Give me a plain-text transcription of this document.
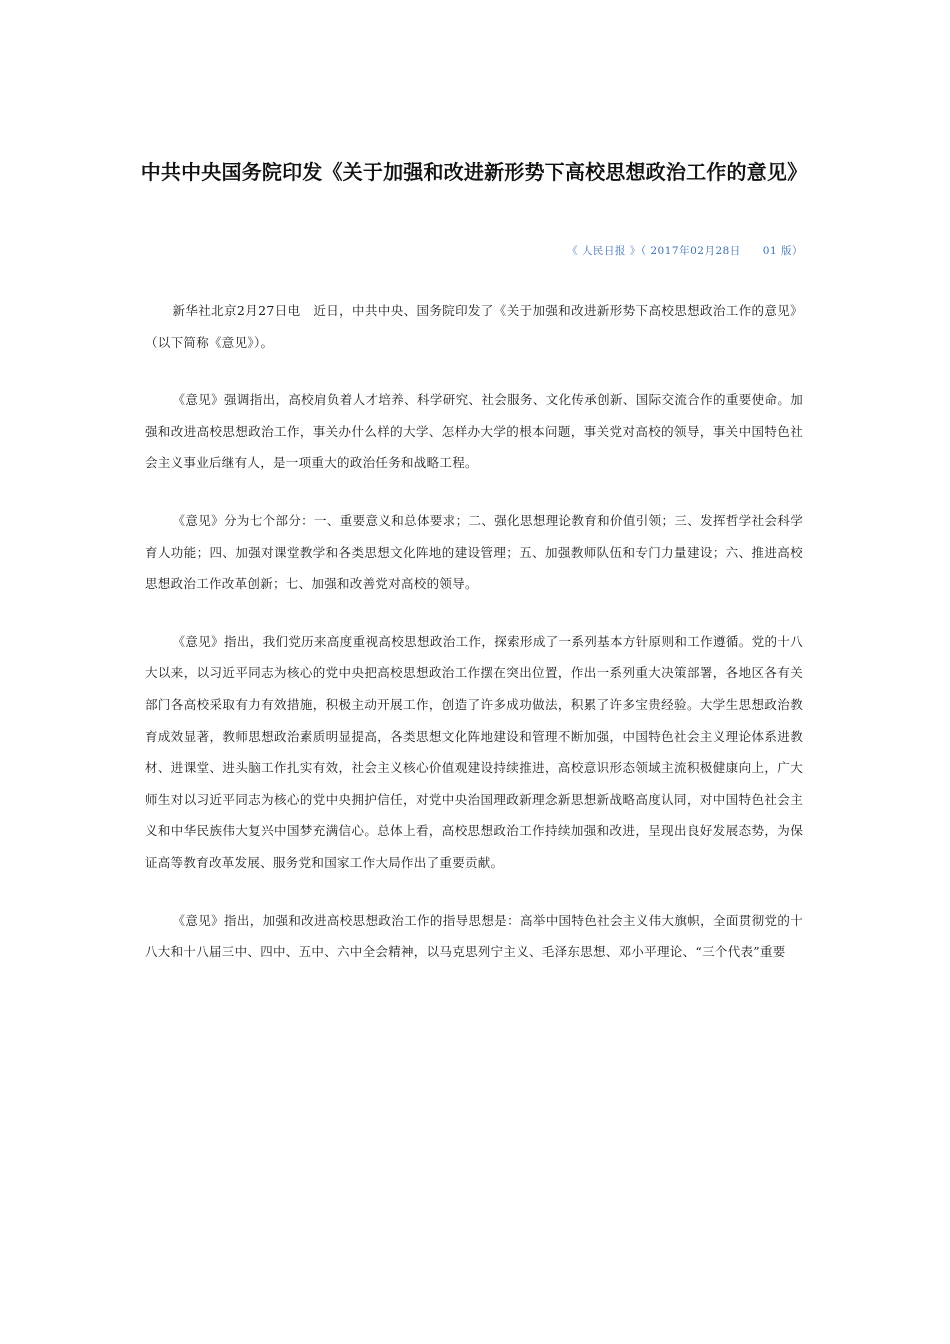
中共中央国务院印发《关于加强和改进新形势下高校思想政治工作的意见》
《 人民日报 》（ 2017年02月28日　　01 版）

新华社北京2月27日电　近日，中共中央、国务院印发了《关于加强和改进新形势下高校思想政治工作的意见》（以下简称《意见》）。

《意见》强调指出，高校肩负着人才培养、科学研究、社会服务、文化传承创新、国际交流合作的重要使命。加强和改进高校思想政治工作，事关办什么样的大学、怎样办大学的根本问题，事关党对高校的领导，事关中国特色社会主义事业后继有人，是一项重大的政治任务和战略工程。

《意见》分为七个部分：一、重要意义和总体要求；二、强化思想理论教育和价值引领；三、发挥哲学社会科学育人功能；四、加强对课堂教学和各类思想文化阵地的建设管理；五、加强教师队伍和专门力量建设；六、推进高校思想政治工作改革创新；七、加强和改善党对高校的领导。

《意见》指出，我们党历来高度重视高校思想政治工作，探索形成了一系列基本方针原则和工作遵循。党的十八大以来，以习近平同志为核心的党中央把高校思想政治工作摆在突出位置，作出一系列重大决策部署，各地区各有关部门各高校采取有力有效措施，积极主动开展工作，创造了许多成功做法，积累了许多宝贵经验。大学生思想政治教育成效显著，教师思想政治素质明显提高，各类思想文化阵地建设和管理不断加强，中国特色社会主义理论体系进教材、进课堂、进头脑工作扎实有效，社会主义核心价值观建设持续推进，高校意识形态领域主流积极健康向上，广大师生对以习近平同志为核心的党中央拥护信任，对党中央治国理政新理念新思想新战略高度认同，对中国特色社会主义和中华民族伟大复兴中国梦充满信心。总体上看，高校思想政治工作持续加强和改进，呈现出良好发展态势，为保证高等教育改革发展、服务党和国家工作大局作出了重要贡献。

《意见》指出，加强和改进高校思想政治工作的指导思想是：高举中国特色社会主义伟大旗帜，全面贯彻党的十八大和十八届三中、四中、五中、六中全会精神，以马克思列宁主义、毛泽东思想、邓小平理论、“三个代表”重要
